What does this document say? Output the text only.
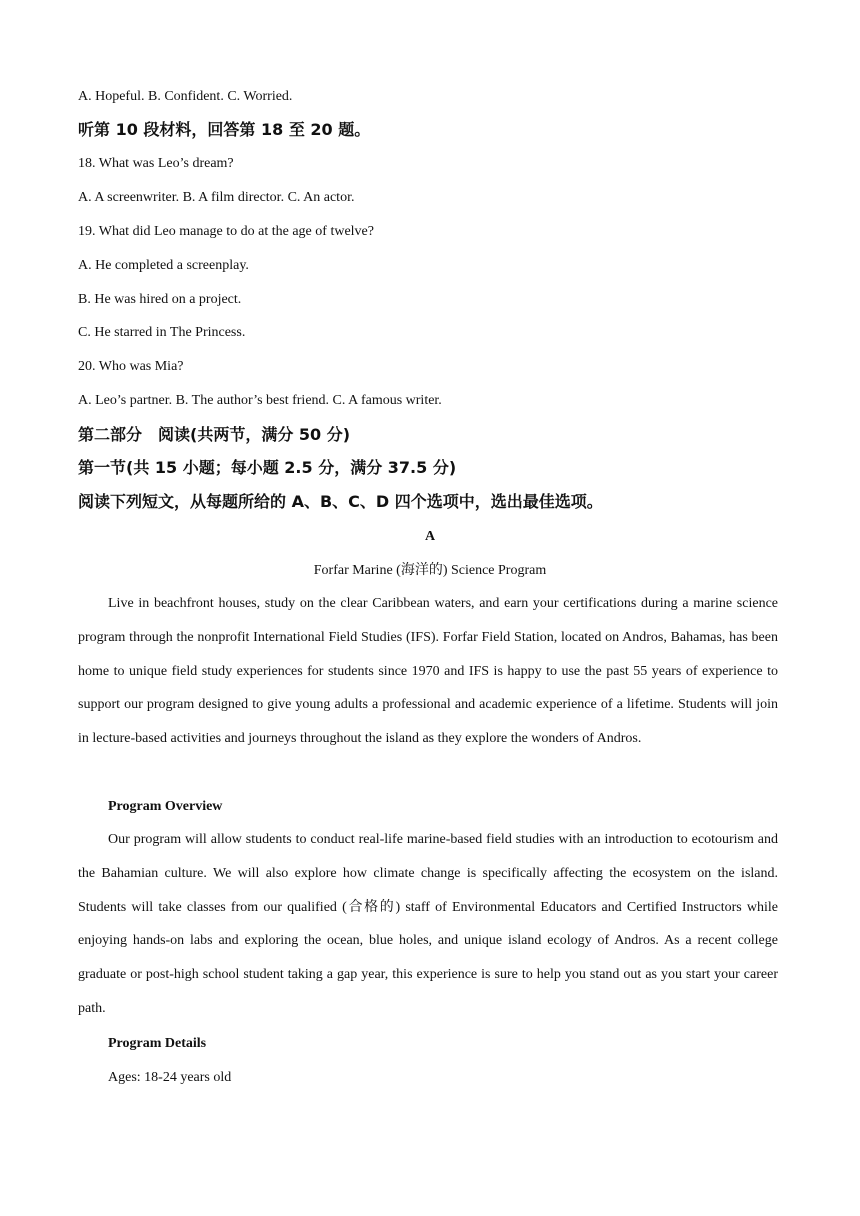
A. Hopeful. B. Confident. C. Worried.
听第 10 段材料，回答第 18 至 20 题。
18. What was Leo’s dream?
A. A screenwriter. B. A film director. C. An actor.
19. What did Leo manage to do at the age of twelve?
A. He completed a screenplay.
B. He was hired on a project.
C. He starred in The Princess.
20. Who was Mia?
A. Leo’s partner. B. The author’s best friend. C. A famous writer.
第二部分　阅读(共两节，满分 50 分)
第一节(共 15 小题；每小题 2.5 分，满分 37.5 分)
阅读下列短文，从每题所给的 A、B、C、D 四个选项中，选出最佳选项。
A
Forfar Marine (海洋的) Science Program
Live in beachfront houses, study on the clear Caribbean waters, and earn your certifications during a marine science program through the nonprofit International Field Studies (IFS). Forfar Field Station, located on Andros, Bahamas, has been home to unique field study experiences for students since 1970 and IFS is happy to use the past 55 years of experience to support our program designed to give young adults a professional and academic experience of a lifetime. Students will join in lecture-based activities and journeys throughout the island as they explore the wonders of Andros.
Program Overview
Our program will allow students to conduct real-life marine-based field studies with an introduction to ecotourism and the Bahamian culture. We will also explore how climate change is specifically affecting the ecosystem on the island. Students will take classes from our qualified (合格的) staff of Environmental Educators and Certified Instructors while enjoying hands-on labs and exploring the ocean, blue holes, and unique island ecology of Andros. As a recent college graduate or post-high school student taking a gap year, this experience is sure to help you stand out as you start your career path.
Program Details
Ages: 18-24 years old
